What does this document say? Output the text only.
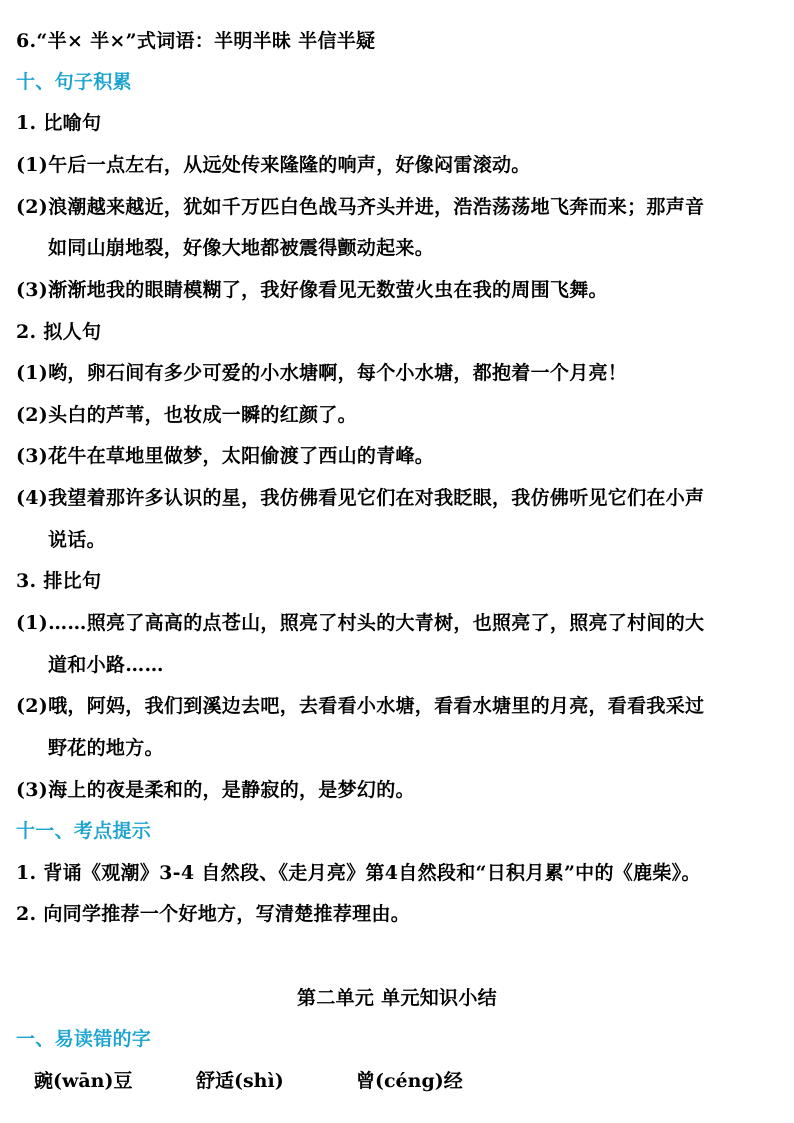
6.“半× 半×”式词语：半明半昧 半信半疑
十、句子积累
1. 比喻句
(1)午后一点左右，从远处传来隆隆的响声，好像闷雷滚动。
(2)浪潮越来越近，犹如千万匹白色战马齐头并进，浩浩荡荡地飞奔而来；那声音
如同山崩地裂，好像大地都被震得颤动起来。
(3)渐渐地我的眼睛模糊了，我好像看见无数萤火虫在我的周围飞舞。
2. 拟人句
(1)哟，卵石间有多少可爱的小水塘啊，每个小水塘，都抱着一个月亮！
(2)头白的芦苇，也妆成一瞬的红颜了。
(3)花牛在草地里做梦，太阳偷渡了西山的青峰。
(4)我望着那许多认识的星，我仿佛看见它们在对我眨眼，我仿佛听见它们在小声
说话。
3. 排比句
(1)……照亮了高高的点苍山，照亮了村头的大青树，也照亮了，照亮了村间的大
道和小路……
(2)哦，阿妈，我们到溪边去吧，去看看小水塘，看看水塘里的月亮，看看我采过
野花的地方。
(3)海上的夜是柔和的，是静寂的，是梦幻的。
十一、考点提示
1. 背诵《观潮》3-4 自然段、《走月亮》第4自然段和“日积月累”中的《鹿柴》。
2. 向同学推荐一个好地方，写清楚推荐理由。
第二单元 单元知识小结
一、易读错的字
豌(wān)豆	舒适(shì)	曾(céng)经
